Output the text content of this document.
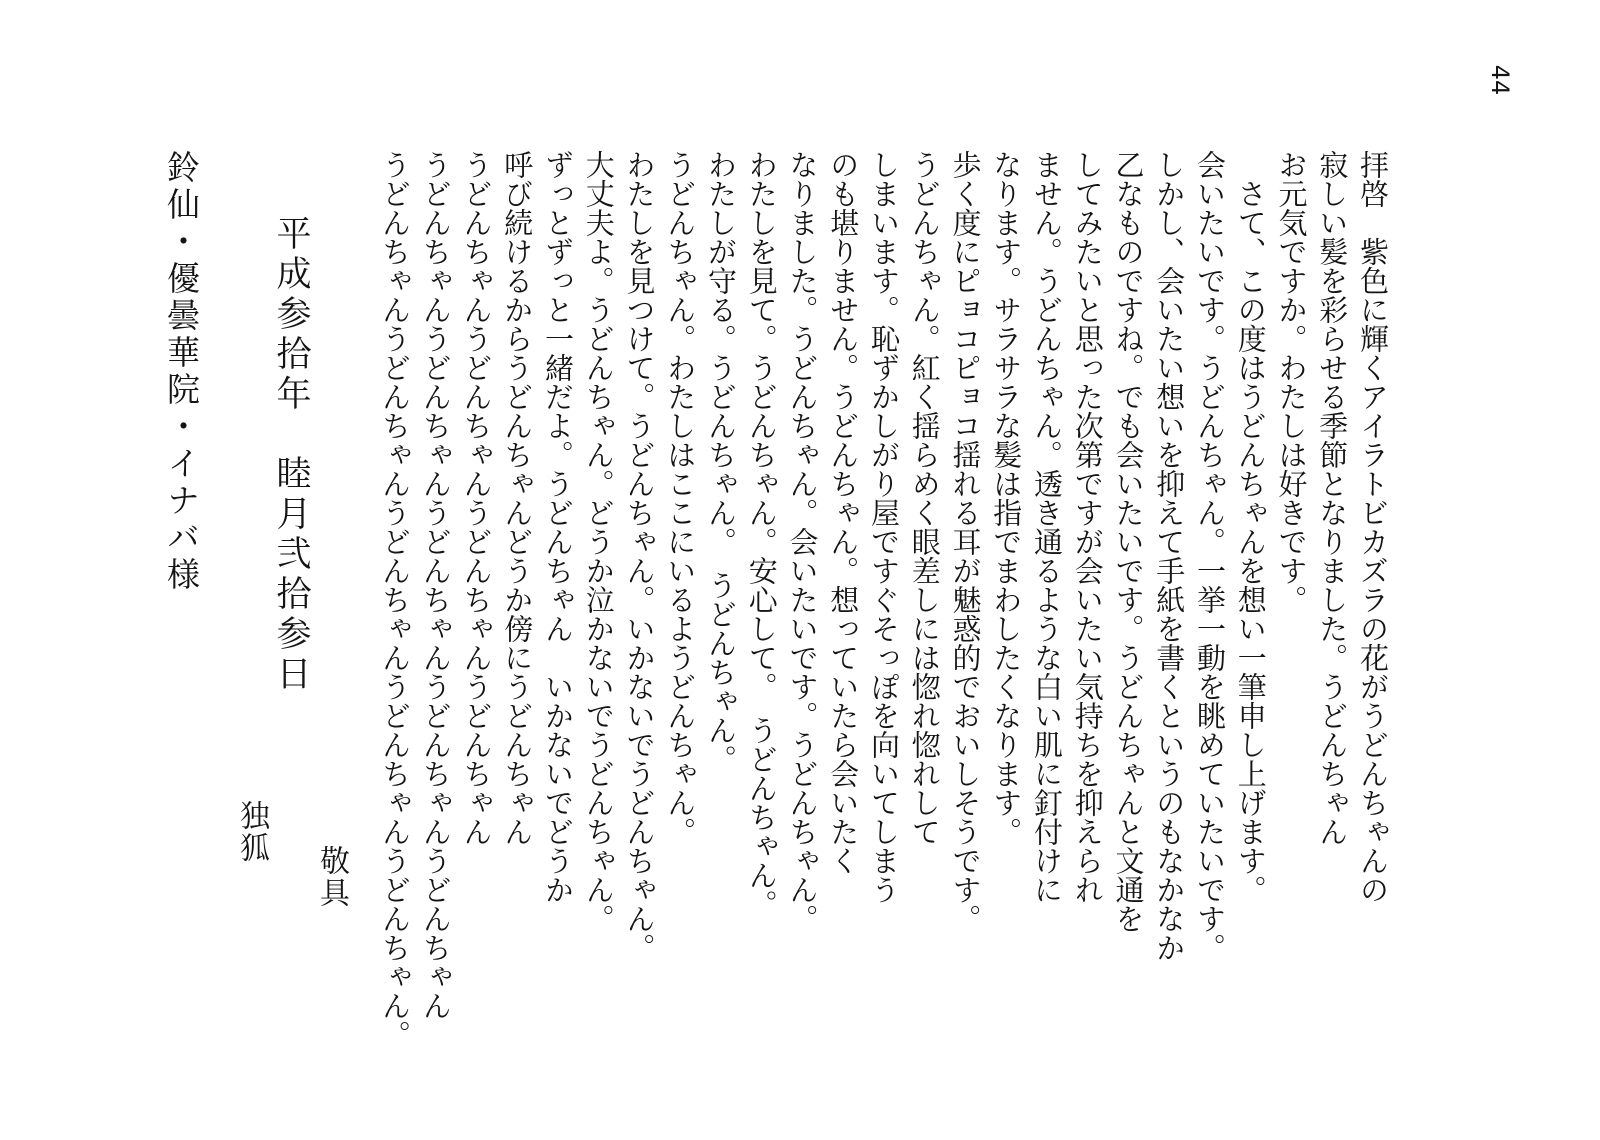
44
拝啓　紫色に輝くアイラトビカズラの花がうどんちゃんの
寂しい髪を彩らせる季節となりました。うどんちゃん
お元気ですか。わたしは好きです。
　さて、この度はうどんちゃんを想い一筆申し上げます。
会いたいです。うどんちゃん。一挙一動を眺めていたいです。
しかし、会いたい想いを抑えて手紙を書くというのもなかなか
乙なものですね。でも会いたいです。うどんちゃんと文通を
してみたいと思った次第ですが会いたい気持ちを抑えられ
ません。うどんちゃん。透き通るような白い肌に釘付けに
なります。サラサラな髪は指でまわしたくなります。
歩く度にピョコピョコ揺れる耳が魅惑的でおいしそうです。
うどんちゃん。紅く揺らめく眼差しには惚れ惚れして
しまいます。恥ずかしがり屋ですぐそっぽを向いてしまう
のも堪りません。うどんちゃん。想っていたら会いたく
なりました。うどんちゃん。会いたいです。うどんちゃん。
わたしを見て。うどんちゃん。安心して。　うどんちゃん。
わたしが守る。うどんちゃん。　うどんちゃん。
うどんちゃん。わたしはここにいるようどんちゃん。
わたしを見つけて。うどんちゃん。いかないでうどんちゃん。
大丈夫よ。うどんちゃん。どうか泣かないでうどんちゃん。
ずっとずっと一緒だよ。うどんちゃん　いかないでどうか
呼び続けるからうどんちゃんどうか傍にうどんちゃん
うどんちゃんうどんちゃんうどんちゃんうどんちゃん
うどんちゃんうどんちゃんうどんちゃんうどんちゃんうどんちゃん
うどんちゃんうどんちゃんうどんちゃんうどんちゃんうどんちゃん。
敬具
平成参拾年　睦月弐拾参日
独狐
鈴仙・優曇華院・イナバ様
